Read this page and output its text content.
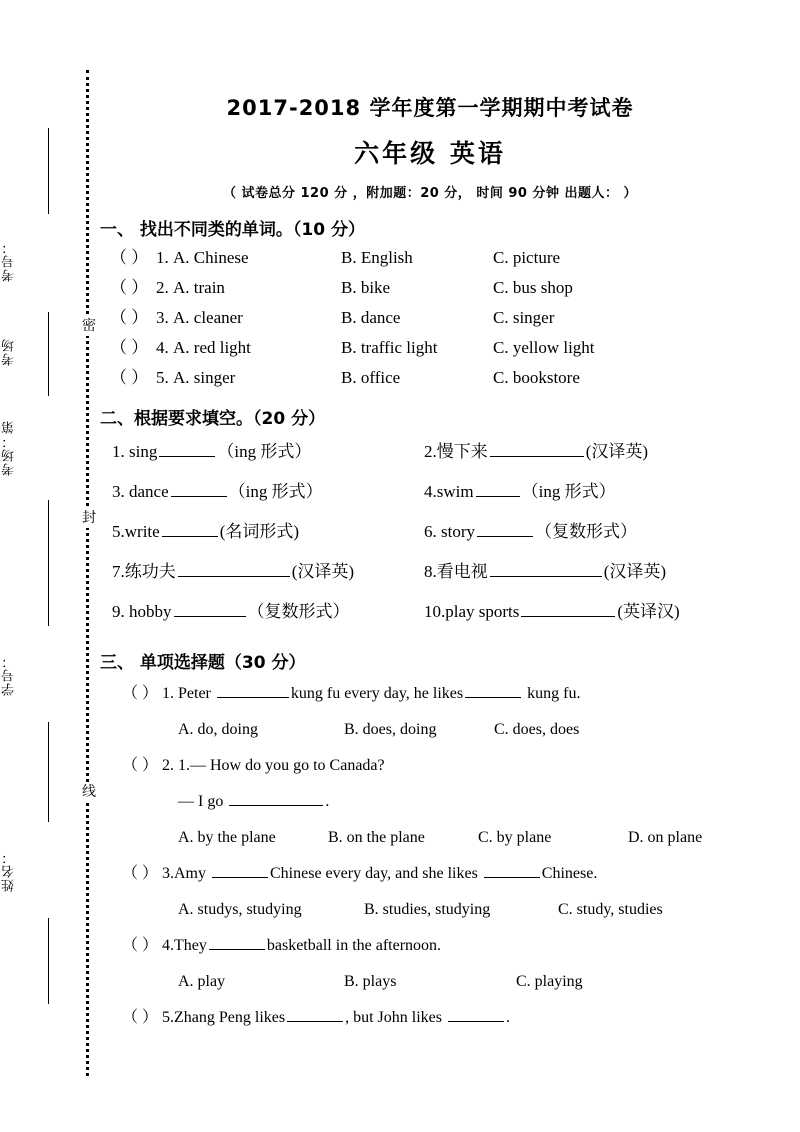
密
封
线
考号：
考场
考场：第
学号：
姓名：
2017-2018 学年度第一学期期中考试卷
六年级 英语
（ 试卷总分 120 分 ，附加题：20 分， 时间 90 分钟 出题人： ）
一、 找出不同类的单词。（10 分）
（ ） 1. A. Chinese	B. English	C. picture
（ ） 2. A. train	B. bike	C. bus shop
（ ） 3. A. cleaner	B. dance	C. singer
（ ） 4. A. red light	B. traffic light	C. yellow light
（ ） 5. A. singer	B. office	C. bookstore
二、根据要求填空。（20 分）
1. sing	（ing 形式）	2.慢下来	(汉译英)
3. dance	（ing 形式）	4.swim	（ing 形式）
5.write	(名词形式)	6. story	（复数形式）
7.练功夫	(汉译英)	8.看电视	(汉译英)
9. hobby	（复数形式）	10.play sports	(英译汉)
三、 单项选择题（30 分）
（ ） 1. Peter	kung fu every day, he likes	kung fu.
A. do, doing	B. does, doing	C. does, does
（ ） 2. 1.— How do you go to Canada?
— I go	.
A. by the plane	B. on the plane	C. by plane	D. on plane
（ ） 3.Amy	Chinese every day, and she likes	Chinese.
A. studys, studying	B. studies, studying	C. study, studies
（ ） 4.They	basketball in the afternoon.
A. play	B. plays	C. playing
（ ） 5.Zhang Peng likes	, but John likes	.
